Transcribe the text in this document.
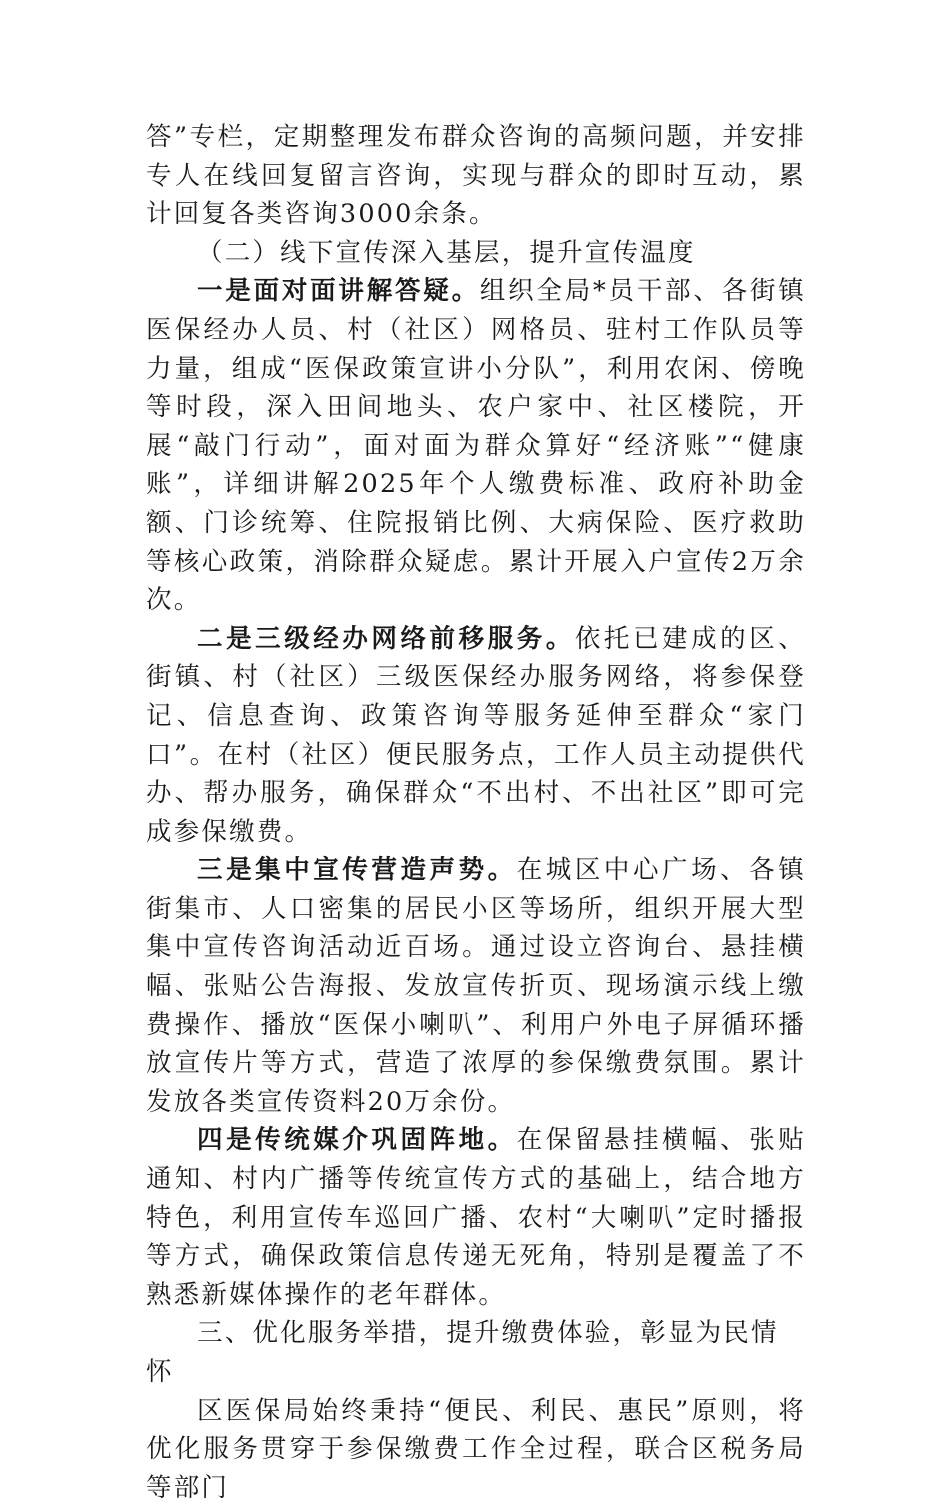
答”专栏，定期整理发布群众咨询的高频问题，并安排专人在线回复留言咨询，实现与群众的即时互动，累计回复各类咨询3000余条。

（二）线下宣传深入基层，提升宣传温度

一是面对面讲解答疑。组织全局*员干部、各街镇医保经办人员、村（社区）网格员、驻村工作队员等力量，组成“医保政策宣讲小分队”，利用农闲、傍晚等时段，深入田间地头、农户家中、社区楼院，开展“敲门行动”，面对面为群众算好“经济账”“健康账”，详细讲解2025年个人缴费标准、政府补助金额、门诊统筹、住院报销比例、大病保险、医疗救助等核心政策，消除群众疑虑。累计开展入户宣传2万余次。

二是三级经办网络前移服务。依托已建成的区、街镇、村（社区）三级医保经办服务网络，将参保登记、信息查询、政策咨询等服务延伸至群众“家门口”。在村（社区）便民服务点，工作人员主动提供代办、帮办服务，确保群众“不出村、不出社区”即可完成参保缴费。

三是集中宣传营造声势。在城区中心广场、各镇街集市、人口密集的居民小区等场所，组织开展大型集中宣传咨询活动近百场。通过设立咨询台、悬挂横幅、张贴公告海报、发放宣传折页、现场演示线上缴费操作、播放“医保小喇叭”、利用户外电子屏循环播放宣传片等方式，营造了浓厚的参保缴费氛围。累计发放各类宣传资料20万余份。

四是传统媒介巩固阵地。在保留悬挂横幅、张贴通知、村内广播等传统宣传方式的基础上，结合地方特色，利用宣传车巡回广播、农村“大喇叭”定时播报等方式，确保政策信息传递无死角，特别是覆盖了不熟悉新媒体操作的老年群体。

三、优化服务举措，提升缴费体验，彰显为民情怀

区医保局始终秉持“便民、利民、惠民”原则，将优化服务贯穿于参保缴费工作全过程，联合区税务局等部门
